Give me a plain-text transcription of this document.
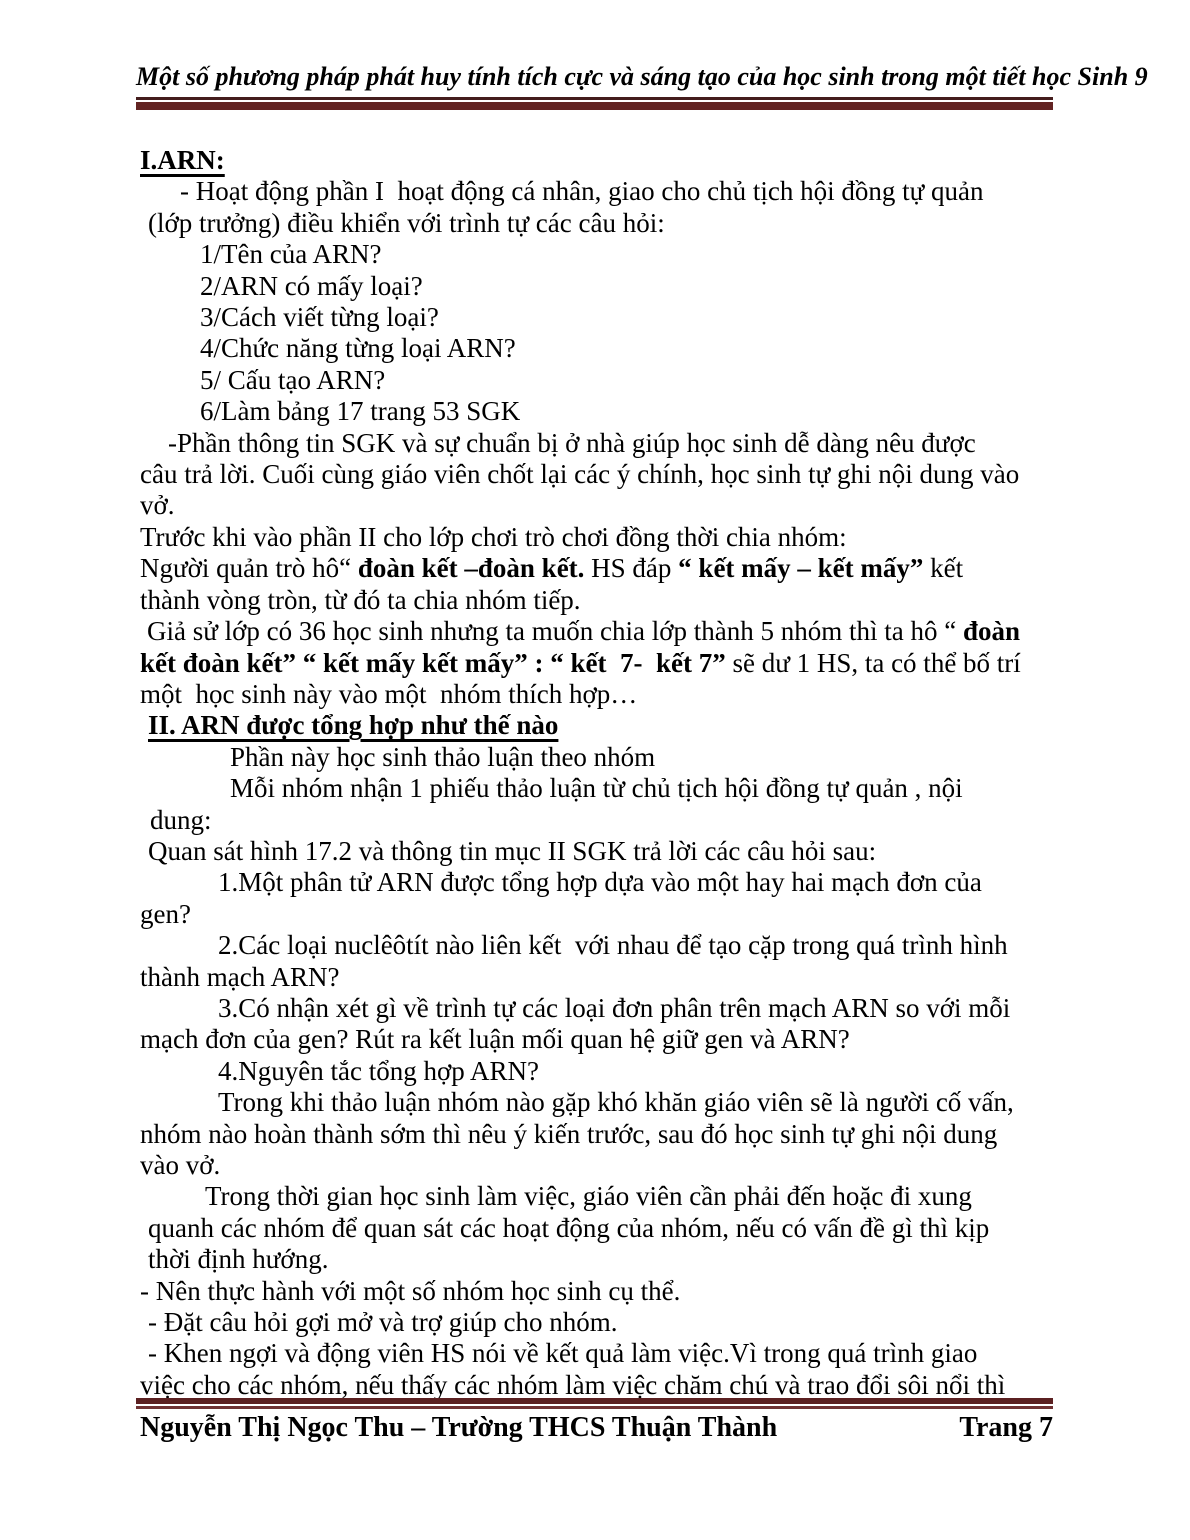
Một số phương pháp phát huy tính tích cực và sáng tạo của học sinh trong một tiết học Sinh 9
I.ARN:
- Hoạt động phần I  hoạt động cá nhân, giao cho chủ tịch hội đồng tự quản
(lớp trưởng) điều khiển với trình tự các câu hỏi:
1/Tên của ARN?
2/ARN có mấy loại?
3/Cách viết từng loại?
4/Chức năng từng loại ARN?
5/ Cấu tạo ARN?
6/Làm bảng 17 trang 53 SGK
-Phần thông tin SGK và sự chuẩn bị ở nhà giúp học sinh dễ dàng nêu được
câu trả lời. Cuối cùng giáo viên chốt lại các ý chính, học sinh tự ghi nội dung vào
vở.
Trước khi vào phần II cho lớp chơi trò chơi đồng thời chia nhóm:
Người quản trò hô“ đoàn kết –đoàn kết. HS đáp “ kết mấy – kết mấy” kết
thành vòng tròn, từ đó ta chia nhóm tiếp.
Giả sử lớp có 36 học sinh nhưng ta muốn chia lớp thành 5 nhóm thì ta hô “ đoàn
kết đoàn kết” “ kết mấy kết mấy” : “ kết  7-  kết 7” sẽ dư 1 HS, ta có thể bố trí
một  học sinh này vào một  nhóm thích hợp…
II. ARN được tổng hợp như thế nào
Phần này học sinh thảo luận theo nhóm
Mỗi nhóm nhận 1 phiếu thảo luận từ chủ tịch hội đồng tự quản , nội
dung:
Quan sát hình 17.2 và thông tin mục II SGK trả lời các câu hỏi sau:
1.Một phân tử ARN được tổng hợp dựa vào một hay hai mạch đơn của
gen?
2.Các loại nuclêôtít nào liên kết  với nhau để tạo cặp trong quá trình hình
thành mạch ARN?
3.Có nhận xét gì về trình tự các loại đơn phân trên mạch ARN so với mỗi
mạch đơn của gen? Rút ra kết luận mối quan hệ giữ gen và ARN?
4.Nguyên tắc tổng hợp ARN?
Trong khi thảo luận nhóm nào gặp khó khăn giáo viên sẽ là người cố vấn,
nhóm nào hoàn thành sớm thì nêu ý kiến trước, sau đó học sinh tự ghi nội dung
vào vở.
Trong thời gian học sinh làm việc, giáo viên cần phải đến hoặc đi xung
quanh các nhóm để quan sát các hoạt động của nhóm, nếu có vấn đề gì thì kịp
thời định hướng.
- Nên thực hành với một số nhóm học sinh cụ thể.
- Đặt câu hỏi gợi mở và trợ giúp cho nhóm.
- Khen ngợi và động viên HS nói về kết quả làm việc.Vì trong quá trình giao
việc cho các nhóm, nếu thấy các nhóm làm việc chăm chú và trao đổi sôi nổi thì
Nguyễn Thị Ngọc Thu – Trường THCS Thuận Thành	Trang 7
